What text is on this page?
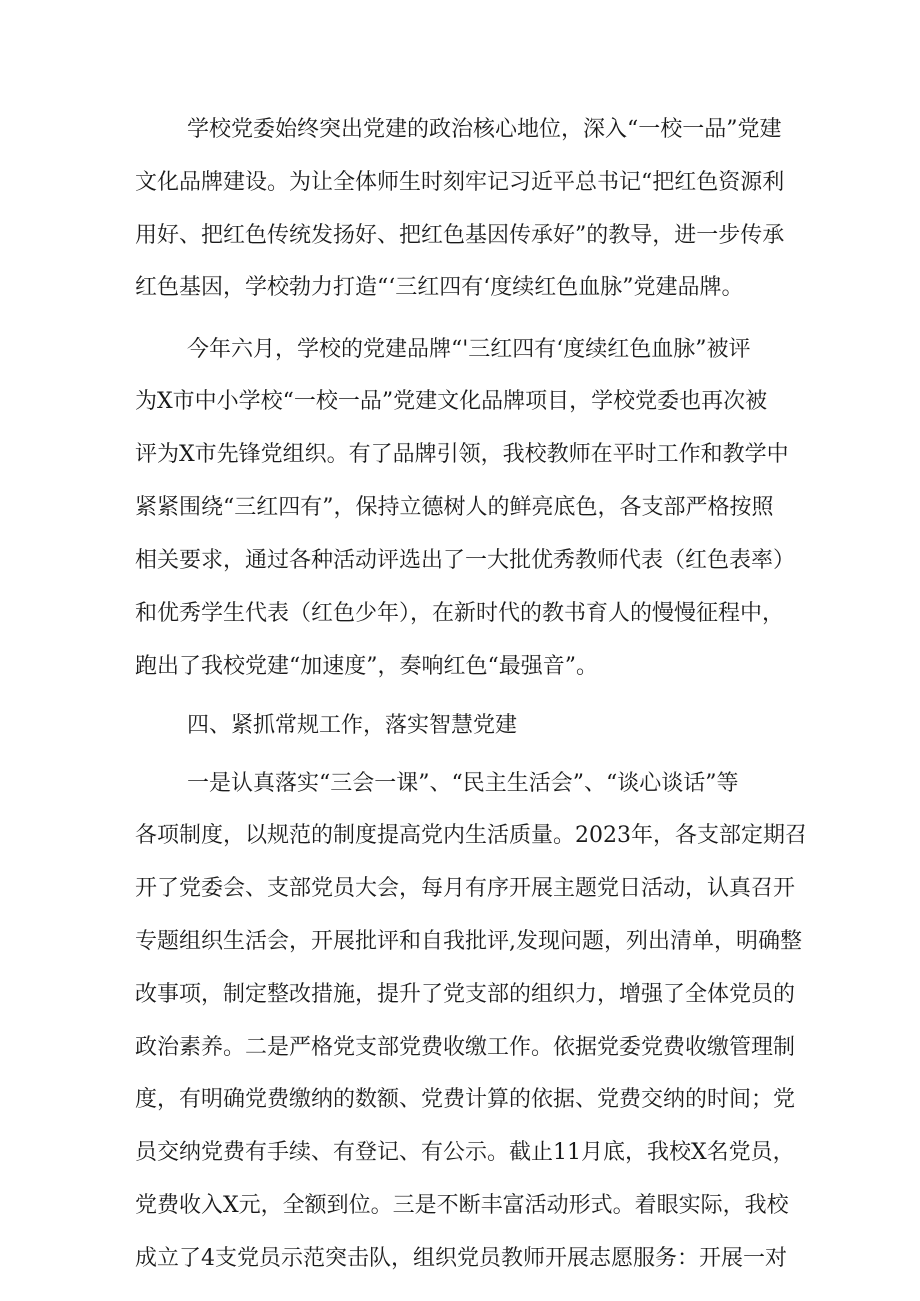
学校党委始终突出党建的政治核心地位，深入“一校一品”党建

文化品牌建设。为让全体师生时刻牢记习近平总书记“把红色资源利

用好、把红色传统发扬好、把红色基因传承好”的教导，进一步传承

红色基因，学校勃力打造“‘三红四有‘度续红色血脉”党建品牌。

今年六月，学校的党建品牌“'三红四有‘度续红色血脉”被评

为X市中小学校“一校一品”党建文化品牌项目，学校党委也再次被

评为X市先锋党组织。有了品牌引领，我校教师在平时工作和教学中

紧紧围绕“三红四有”，保持立德树人的鲜亮底色，各支部严格按照

相关要求，通过各种活动评选出了一大批优秀教师代表（红色表率）

和优秀学生代表（红色少年），在新时代的教书育人的慢慢征程中，

跑出了我校党建“加速度”，奏响红色“最强音”。

四、紧抓常规工作，落实智慧党建

一是认真落实“三会一课”、“民主生活会”、“谈心谈话”等

各项制度，以规范的制度提高党内生活质量。2023年，各支部定期召

开了党委会、支部党员大会，每月有序开展主题党日活动，认真召开

专题组织生活会，开展批评和自我批评,发现问题，列出清单，明确整

改事项，制定整改措施，提升了党支部的组织力，增强了全体党员的

政治素养。二是严格党支部党费收缴工作。依据党委党费收缴管理制

度，有明确党费缴纳的数额、党费计算的依据、党费交纳的时间；党

员交纳党费有手续、有登记、有公示。截止11月底，我校X名党员，

党费收入X元，全额到位。三是不断丰富活动形式。着眼实际，我校

成立了4支党员示范突击队，组织党员教师开展志愿服务：开展一对
